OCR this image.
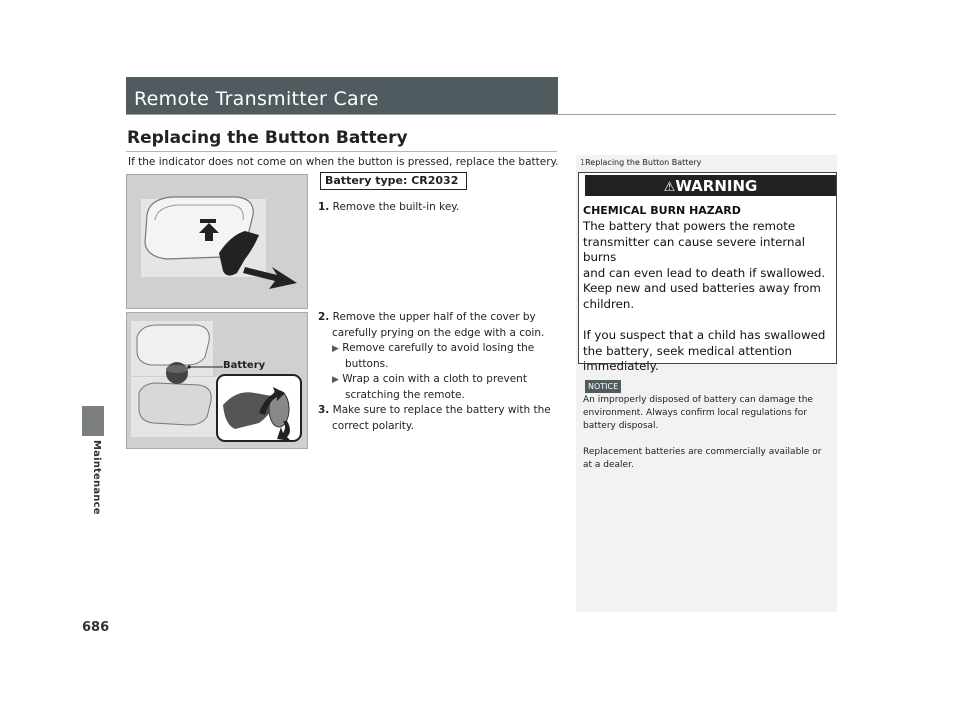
Maintenance
686
Remote Transmitter Care
Replacing the Button Battery
If the indicator does not come on when the button is pressed, replace the battery.
Battery
Battery type: CR2032
1. Remove the built-in key.
2. Remove the upper half of the cover by
carefully prying on the edge with a coin.
▶ Remove carefully to avoid losing the
buttons.
▶ Wrap a coin with a cloth to prevent
scratching the remote.
3. Make sure to replace the battery with the
correct polarity.
1Replacing the Button Battery
⚠WARNING
CHEMICAL BURN HAZARD
The battery that powers the remote
transmitter can cause severe internal burns
and can even lead to death if swallowed.
Keep new and used batteries away from
children.
If you suspect that a child has swallowed
the battery, seek medical attention
immediately.
NOTICE
An improperly disposed of battery can damage the
environment. Always confirm local regulations for
battery disposal.
Replacement batteries are commercially available or
at a dealer.
